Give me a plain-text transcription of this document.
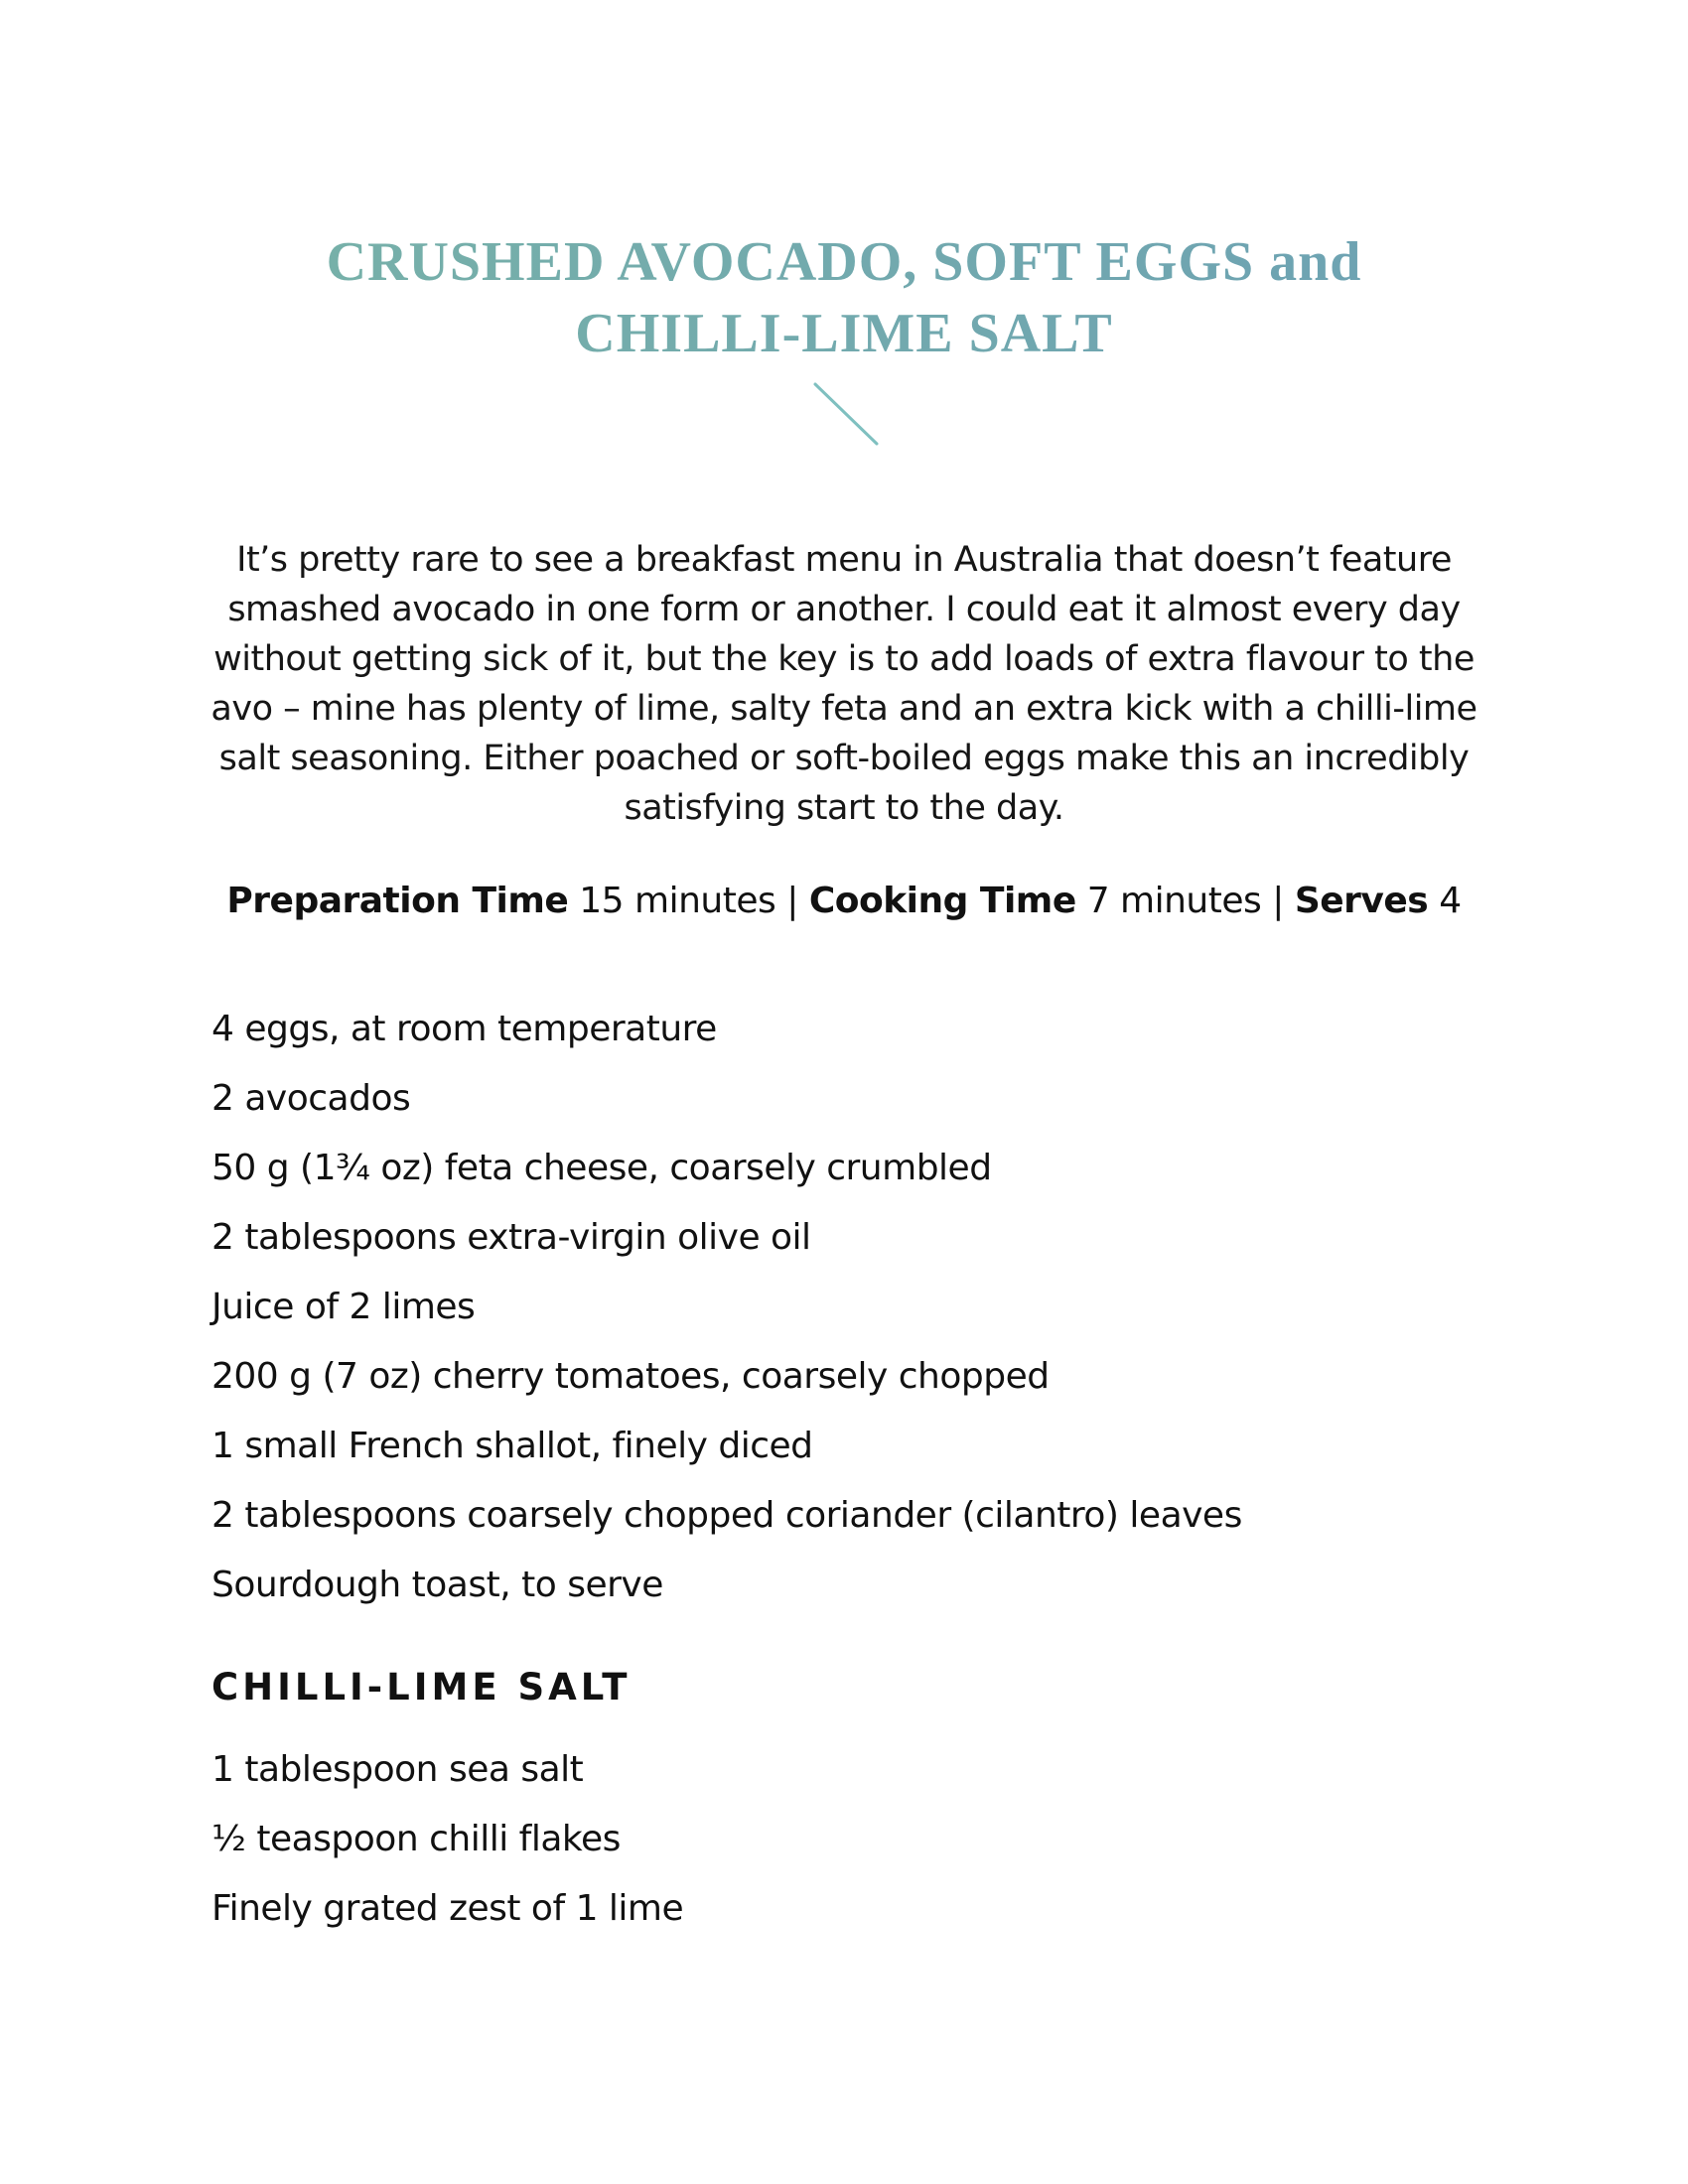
CRUSHED AVOCADO, SOFT EGGS and
CHILLI-LIME SALT

It’s pretty rare to see a breakfast menu in Australia that doesn’t feature smashed avocado in one form or another. I could eat it almost every day without getting sick of it, but the key is to add loads of extra flavour to the avo – mine has plenty of lime, salty feta and an extra kick with a chilli-lime salt seasoning. Either poached or soft-boiled eggs make this an incredibly satisfying start to the day.

Preparation Time 15 minutes | Cooking Time 7 minutes | Serves 4
4 eggs, at room temperature
2 avocados
50 g (1¾ oz) feta cheese, coarsely crumbled
2 tablespoons extra-virgin olive oil
Juice of 2 limes
200 g (7 oz) cherry tomatoes, coarsely chopped
1 small French shallot, finely diced
2 tablespoons coarsely chopped coriander (cilantro) leaves
Sourdough toast, to serve
CHILLI-LIME SALT
1 tablespoon sea salt
½ teaspoon chilli flakes
Finely grated zest of 1 lime
